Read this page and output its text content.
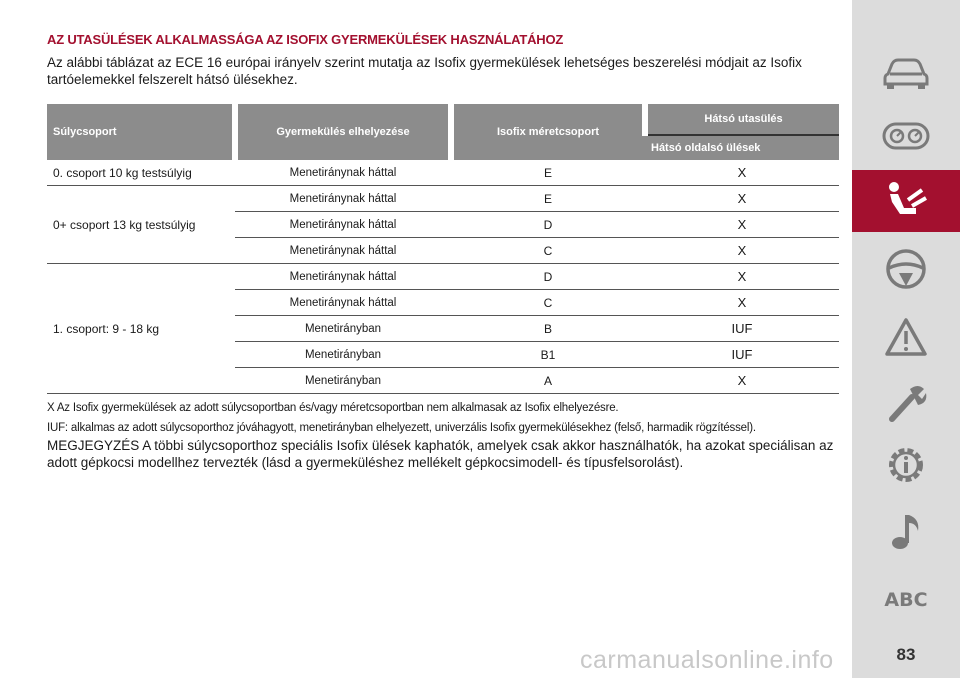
AZ UTASÜLÉSEK ALKALMASSÁGA AZ ISOFIX GYERMEKÜLÉSEK HASZNÁLATÁHOZ
Az alábbi táblázat az ECE 16 európai irányelv szerint mutatja az Isofix gyermekülések lehetséges beszerelési módjait az Isofix tartóelemekkel felszerelt hátsó ülésekhez.
Súlycsoport	Gyermekülés elhelyezése	Isofix méretcsoport	Hátsó utasülés
			Hátsó oldalsó ülések
0. csoport 10 kg testsúlyig	Menetiránynak háttal	E	X
0+ csoport 13 kg testsúlyig	Menetiránynak háttal	E	X
	Menetiránynak háttal	D	X
	Menetiránynak háttal	C	X
1. csoport: 9 - 18 kg	Menetiránynak háttal	D	X
	Menetiránynak háttal	C	X
	Menetirányban	B	IUF
	Menetirányban	B1	IUF
	Menetirányban	A	X
X Az Isofix gyermekülések az adott súlycsoportban és/vagy méretcsoportban nem alkalmasak az Isofix elhelyezésre.
IUF: alkalmas az adott súlycsoporthoz jóváhagyott, menetirányban elhelyezett, univerzális Isofix gyermekülésekhez (felső, harmadik rögzítéssel).
MEGJEGYZÉS A többi súlycsoporthoz speciális Isofix ülések kaphatók, amelyek csak akkor használhatók, ha azokat speciálisan az adott gépkocsi modellhez tervezték (lásd a gyermeküléshez mellékelt gépkocsimodell- és típusfelsorolást).
carmanualsonline.info
ABC
83
